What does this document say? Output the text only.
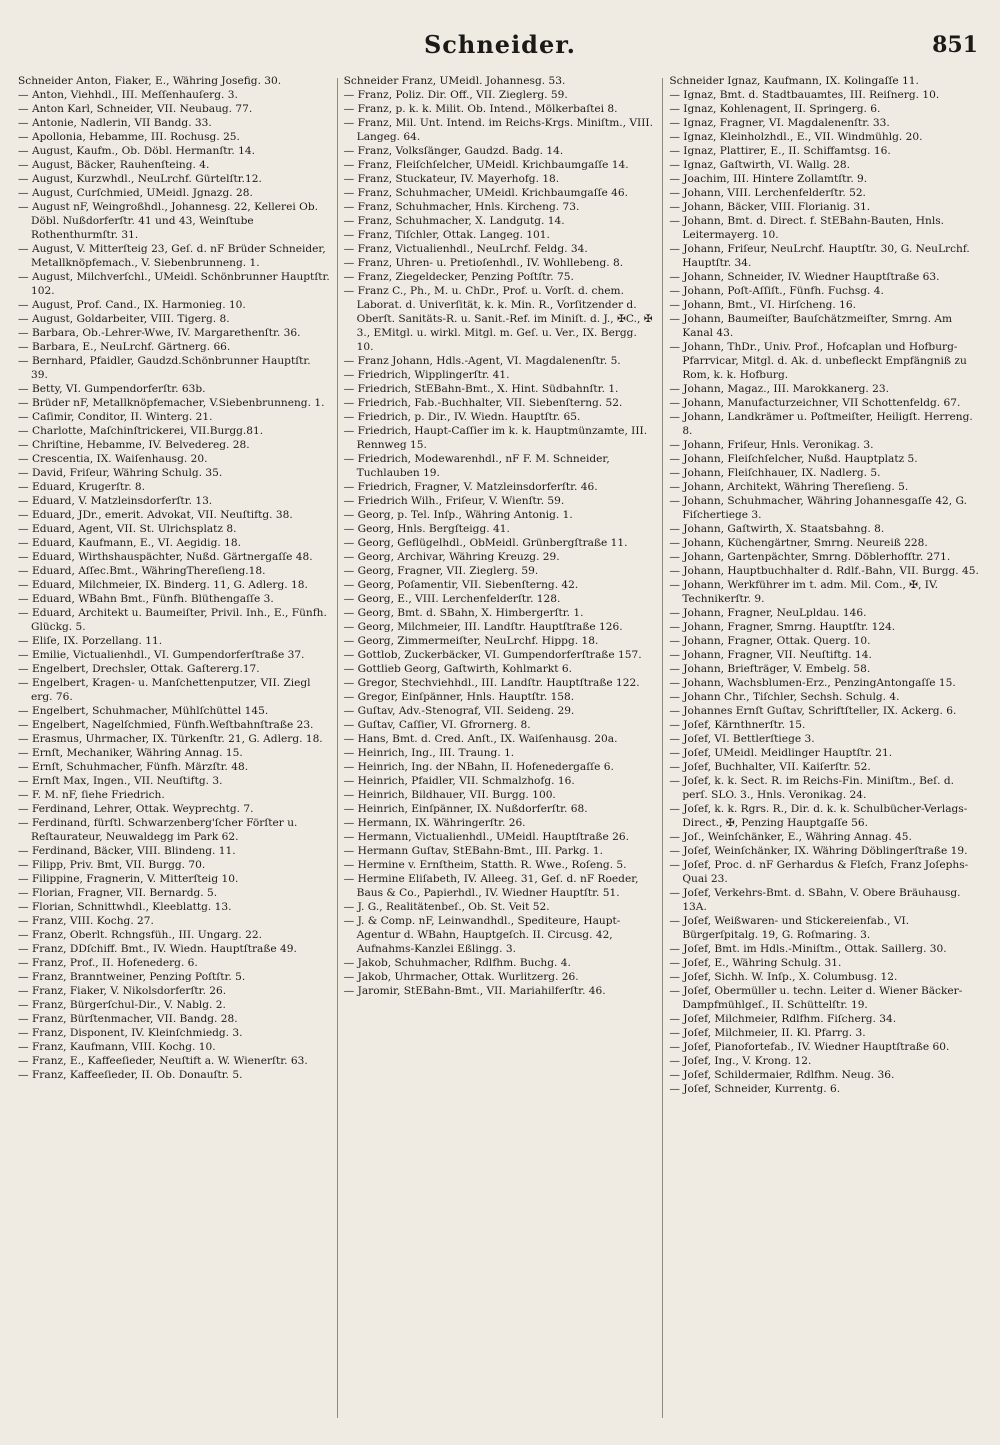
Schneider.	851

Schneider Anton, Fiaker, E., Währing Josefig. 30.

— Anton, Viehhdl., III. Meſſenhauſerg. 3.

— Anton Karl, Schneider, VII. Neubaug. 77.

— Antonie, Nadlerin, VII Bandg. 33.

— Apollonia, Hebamme, III. Rochusg. 25.

— August, Kaufm., Ob. Döbl. Hermanſtr. 14.

— August, Bäcker, Rauhenſteing. 4.

— August, Kurzwhdl., NeuLrchf. Gürtelſtr.12.

— August, Curſchmied, UMeidl. Jgnazg. 28.

— August nF, Weingroßhdl., Johannesg. 22, Kellerei Ob. Döbl. Nußdorferſtr. 41 und 43, Weinſtube Rothenthurmſtr. 31.

— August, V. Mitterſteig 23, Geſ. d. nF Brüder Schneider, Metallknöpfemach., V. Siebenbrunneng. 1.

— August, Milchverſchl., UMeidl. Schönbrunner Hauptſtr. 102.

— August, Prof. Cand., IX. Harmonieg. 10.

— August, Goldarbeiter, VIII. Tigerg. 8.

— Barbara, Ob.-Lehrer-Wwe, IV. Margarethenſtr. 36.

— Barbara, E., NeuLrchf. Gärtnerg. 66.

— Bernhard, Pfaidler, Gaudzd.Schönbrunner Hauptſtr. 39.

— Betty, VI. Gumpendorferſtr. 63b.

— Brüder nF, Metallknöpfemacher, V.Siebenbrunneng. 1.

— Caſimir, Conditor, II. Winterg. 21.

— Charlotte, Maſchinſtrickerei, VII.Burgg.81.

— Chriſtine, Hebamme, IV. Belvedereg. 28.

— Crescentia, IX. Waiſenhausg. 20.

— David, Friſeur, Währing Schulg. 35.

— Eduard, Krugerſtr. 8.

— Eduard, V. Matzleinsdorferſtr. 13.

— Eduard, JDr., emerit. Advokat, VII. Neuſtiftg. 38.

— Eduard, Agent, VII. St. Ulrichsplatz 8.

— Eduard, Kaufmann, E., VI. Aegidig. 18.

— Eduard, Wirthshauspächter, Nußd. Gärtnergaſſe 48.

— Eduard, Aſſec.Bmt., WähringTherеſieng.18.

— Eduard, Milchmeier, IX. Binderg. 11, G. Adlerg. 18.

— Eduard, WBahn Bmt., Fünfh. Blüthengaſſe 3.

— Eduard, Architekt u. Baumeiſter, Privil. Inh., E., Fünfh. Glückg. 5.

— Eliſe, IX. Porzellang. 11.

— Emilie, Victualienhdl., VI. Gumpendorferſtraße 37.

— Engelbert, Drechsler, Ottak. Gaſtererg.17.

— Engelbert, Kragen- u. Manſchettenputzer, VII. Ziegl erg. 76.

— Engelbert, Schuhmacher, Mühlſchüttel 145.

— Engelbert, Nagelſchmied, Fünfh.Weſtbahnſtraße 23.

— Erasmus, Uhrmacher, IX. Türkenſtr. 21, G. Adlerg. 18.

— Ernſt, Mechaniker, Währing Annag. 15.

— Ernſt, Schuhmacher, Fünfh. Märzſtr. 48.

— Ernſt Max, Ingen., VII. Neuſtiftg. 3.

— F. M. nF, ſiehe Friedrich.

— Ferdinand, Lehrer, Ottak. Weyprechtg. 7.

— Ferdinand, fürſtl. Schwarzenberg'ſcher Förſter u. Reſtaurateur, Neuwaldegg im Park 62.

— Ferdinand, Bäcker, VIII. Blindeng. 11.

— Filipp, Priv. Bmt, VII. Burgg. 70.

— Filippine, Fragnerin, V. Mitterſteig 10.

— Florian, Fragner, VII. Bernardg. 5.

— Florian, Schnittwhdl., Kleeblattg. 13.

— Franz, VIII. Kochg. 27.

— Franz, Oberlt. Rchngsfüh., III. Ungarg. 22.

— Franz, DDſchiff. Bmt., IV. Wiedn. Hauptſtraße 49.

— Franz, Prof., II. Hofenederg. 6.

— Franz, Branntweiner, Penzing Poſtſtr. 5.

— Franz, Fiaker, V. Nikolsdorferſtr. 26.

— Franz, Bürgerſchul-Dir., V. Nablg. 2.

— Franz, Bürſtenmacher, VII. Bandg. 28.

— Franz, Disponent, IV. Kleinſchmiedg. 3.

— Franz, Kaufmann, VIII. Kochg. 10.

— Franz, E., Kaffeeſieder, Neuſtift a. W. Wienerſtr. 63.

— Franz, Kaffeeſieder, II. Ob. Donauſtr. 5.

Schneider Franz, UMeidl. Johannesg. 53.

— Franz, Poliz. Dir. Off., VII. Zieglerg. 59.

— Franz, p. k. k. Milit. Ob. Intend., Mölkerbaſtei 8.

— Franz, Mil. Unt. Intend. im Reichs-Krgs. Miniſtm., VIII. Langeg. 64.

— Franz, Volksſänger, Gaudzd. Badg. 14.

— Franz, Fleiſchſelcher, UMeidl. Krichbaumgaſſe 14.

— Franz, Stuckateur, IV. Mayerhofg. 18.

— Franz, Schuhmacher, UMeidl. Krichbaumgaſſe 46.

— Franz, Schuhmacher, Hnls. Kircheng. 73.

— Franz, Schuhmacher, X. Landgutg. 14.

— Franz, Tiſchler, Ottak. Langeg. 101.

— Franz, Victualienhdl., NeuLrchf. Feldg. 34.

— Franz, Uhren- u. Pretioſenhdl., IV. Wohllebeng. 8.

— Franz, Ziegeldecker, Penzing Poſtſtr. 75.

— Franz C., Ph., M. u. ChDr., Prof. u. Vorſt. d. chem. Laborat. d. Univerſität, k. k. Min. R., Vorſitzender d. Oberſt. Sanitäts-R. u. Sanit.-Ref. im Miniſt. d. J., ✠C., ✠ 3., EMitgl. u. wirkl. Mitgl. m. Geſ. u. Ver., IX. Bergg. 10.

— Franz Johann, Hdls.-Agent, VI. Magdalenenſtr. 5.

— Friedrich, Wipplingerſtr. 41.

— Friedrich, StEBahn-Bmt., X. Hint. Südbahnſtr. 1.

— Friedrich, Fab.-Buchhalter, VII. Siebenſterng. 52.

— Friedrich, p. Dir., IV. Wiedn. Hauptſtr. 65.

— Friedrich, Haupt-Caſſier im k. k. Hauptmünzamte, III. Rennweg 15.

— Friedrich, Modewarenhdl., nF F. M. Schneider, Tuchlauben 19.

— Friedrich, Fragner, V. Matzleinsdorferſtr. 46.

— Friedrich Wilh., Friſeur, V. Wienſtr. 59.

— Georg, p. Tel. Inſp., Währing Antonig. 1.

— Georg, Hnls. Bergſteigg. 41.

— Georg, Geflügelhdl., ObMeidl. Grünbergſtraße 11.

— Georg, Archivar, Währing Kreuzg. 29.

— Georg, Fragner, VII. Zieglerg. 59.

— Georg, Poſamentir, VII. Siebenſterng. 42.

— Georg, E., VIII. Lerchenfelderſtr. 128.

— Georg, Bmt. d. SBahn, X. Himbergerſtr. 1.

— Georg, Milchmeier, III. Landſtr. Hauptſtraße 126.

— Georg, Zimmermeiſter, NeuLrchf. Hippg. 18.

— Gottlob, Zuckerbäcker, VI. Gumpendorferſtraße 157.

— Gottlieb Georg, Gaſtwirth, Kohlmarkt 6.

— Gregor, Stechviehhdl., III. Landſtr. Hauptſtraße 122.

— Gregor, Einſpänner, Hnls. Hauptſtr. 158.

— Guſtav, Adv.-Stenograf, VII. Seideng. 29.

— Guſtav, Caſſier, VI. Gfrornerg. 8.

— Hans, Bmt. d. Cred. Anſt., IX. Waiſenhausg. 20a.

— Heinrich, Ing., III. Traung. 1.

— Heinrich, Ing. der NBahn, II. Hofenedergaſſe 6.

— Heinrich, Pfaidler, VII. Schmalzhofg. 16.

— Heinrich, Bildhauer, VII. Burgg. 100.

— Heinrich, Einſpänner, IX. Nußdorferſtr. 68.

— Hermann, IX. Währingerſtr. 26.

— Hermann, Victualienhdl., UMeidl. Hauptſtraße 26.

— Hermann Guſtav, StEBahn-Bmt., III. Parkg. 1.

— Hermine v. Ernſtheim, Statth. R. Wwe., Roſeng. 5.

— Hermine Eliſabeth, IV. Alleeg. 31, Geſ. d. nF Roeder, Baus & Co., Papierhdl., IV. Wiedner Hauptſtr. 51.

— J. G., Realitätenbeſ., Ob. St. Veit 52.

— J. & Comp. nF, Leinwandhdl., Spediteure, Haupt-Agentur d. WBahn, Hauptgeſch. II. Circusg. 42, Aufnahms-Kanzlei Eßlingg. 3.

— Jakob, Schuhmacher, Rdlfhm. Buchg. 4.

— Jakob, Uhrmacher, Ottak. Wurlitzerg. 26.

— Jaromir, StEBahn-Bmt., VII. Mariahilferſtr. 46.

Schneider Ignaz, Kaufmann, IX. Kolingaſſe 11.

— Ignaz, Bmt. d. Stadtbauamtes, III. Reiſnerg. 10.

— Ignaz, Kohlenagent, II. Springerg. 6.

— Ignaz, Fragner, VI. Magdalenenſtr. 33.

— Ignaz, Kleinholzhdl., E., VII. Windmühlg. 20.

— Ignaz, Plattirer, E., II. Schiffamtsg. 16.

— Ignaz, Gaſtwirth, VI. Wallg. 28.

— Joachim, III. Hintere Zollamtſtr. 9.

— Johann, VIII. Lerchenfelderſtr. 52.

— Johann, Bäcker, VIII. Florianig. 31.

— Johann, Bmt. d. Direct. f. StEBahn-Bauten, Hnls. Leitermayerg. 10.

— Johann, Friſeur, NeuLrchf. Hauptſtr. 30, G. NeuLrchf. Hauptſtr. 34.

— Johann, Schneider, IV. Wiedner Hauptſtraße 63.

— Johann, Poſt-Aſſiſt., Fünfh. Fuchsg. 4.

— Johann, Bmt., VI. Hirſcheng. 16.

— Johann, Baumeiſter, Bauſchätzmeiſter, Smrng. Am Kanal 43.

— Johann, ThDr., Univ. Prof., Hofcaplan und Hofburg-Pfarrvicar, Mitgl. d. Ak. d. unbefleckt Empfängniß zu Rom, k. k. Hofburg.

— Johann, Magaz., III. Marokkanerg. 23.

— Johann, Manufacturzeichner, VII Schottenfeldg. 67.

— Johann, Landkrämer u. Poſtmeiſter, Heiligſt. Herreng. 8.

— Johann, Friſeur, Hnls. Veronikag. 3.

— Johann, Fleiſchſelcher, Nußd. Hauptplatz 5.

— Johann, Fleiſchhauer, IX. Nadlerg. 5.

— Johann, Architekt, Währing Thereſieng. 5.

— Johann, Schuhmacher, Währing Johannesgaſſe 42, G. Fiſchertiege 3.

— Johann, Gaſtwirth, X. Staatsbahng. 8.

— Johann, Küchengärtner, Smrng. Neureiß 228.

— Johann, Gartenpächter, Smrng. Döblerhofſtr. 271.

— Johann, Hauptbuchhalter d. Rdlf.-Bahn, VII. Burgg. 45.

— Johann, Werkführer im t. adm. Mil. Com., ✠, IV. Technikerſtr. 9.

— Johann, Fragner, NeuLpldau. 146.

— Johann, Fragner, Smrng. Hauptſtr. 124.

— Johann, Fragner, Ottak. Querg. 10.

— Johann, Fragner, VII. Neuſtiftg. 14.

— Johann, Briefträger, V. Embelg. 58.

— Johann, Wachsblumen-Erz., PenzingAntongaſſe 15.

— Johann Chr., Tiſchler, Sechsh. Schulg. 4.

— Johannes Ernſt Guſtav, Schriftſteller, IX. Ackerg. 6.

— Joſef, Kärnthnerſtr. 15.

— Joſef, VI. Bettlerſtiege 3.

— Joſef, UMeidl. Meidlinger Hauptſtr. 21.

— Joſef, Buchhalter, VII. Kaiſerſtr. 52.

— Joſef, k. k. Sect. R. im Reichs-Fin. Miniſtm., Beſ. d. perſ. SLO. 3., Hnls. Veronikag. 24.

— Joſef, k. k. Rgrs. R., Dir. d. k. k. Schulbücher-Verlags-Direct., ✠, Penzing Hauptgaſſe 56.

— Joſ., Weinſchänker, E., Währing Annag. 45.

— Joſef, Weinſchänker, IX. Währing Döblingerſtraße 19.

— Joſef, Proc. d. nF Gerhardus & Fleſch, Franz Joſephs-Quai 23.

— Joſef, Verkehrs-Bmt. d. SBahn, V. Obere Bräuhausg. 13A.

— Joſef, Weißwaren- und Stickereienfab., VI. Bürgerſpitalg. 19, G. Roſmaring. 3.

— Joſef, Bmt. im Hdls.-Miniſtm., Ottak. Saillerg. 30.

— Joſef, E., Währing Schulg. 31.

— Joſef, Sichh. W. Inſp., X. Columbusg. 12.

— Joſef, Obermüller u. techn. Leiter d. Wiener Bäcker-Dampfmühlgeſ., II. Schüttelſtr. 19.

— Joſef, Milchmeier, Rdlfhm. Fiſcherg. 34.

— Joſef, Milchmeier, II. Kl. Pfarrg. 3.

— Joſef, Pianofortefab., IV. Wiedner Hauptſtraße 60.

— Joſef, Ing., V. Krong. 12.

— Joſef, Schildermaier, Rdlfhm. Neug. 36.

— Joſef, Schneider, Kurrentg. 6.
